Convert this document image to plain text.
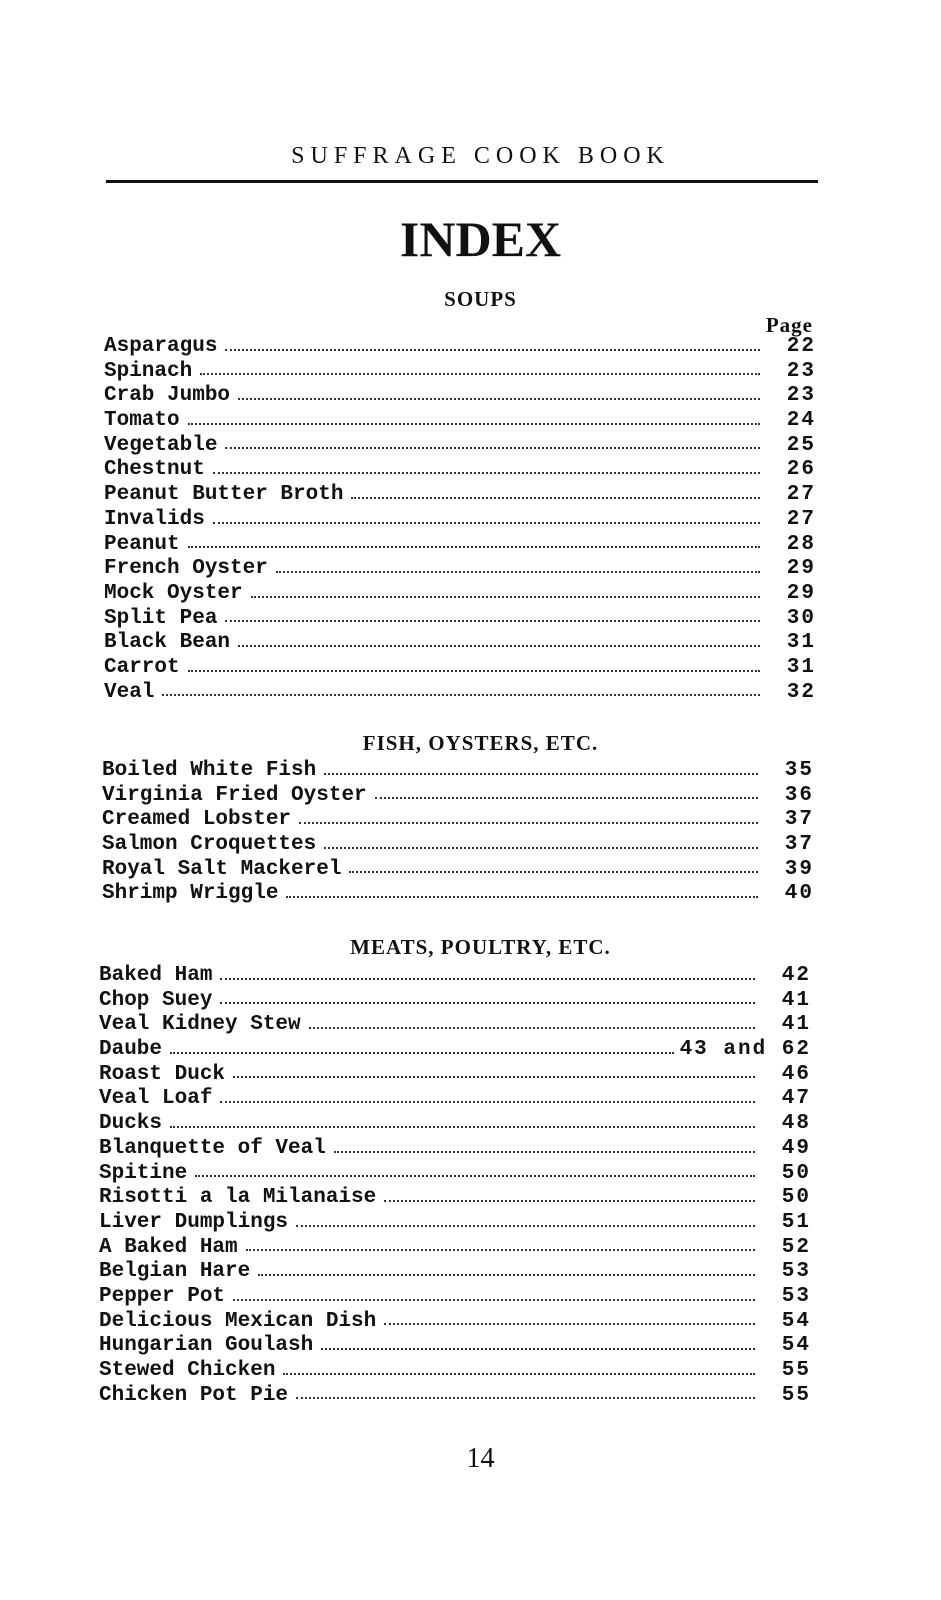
SUFFRAGE COOK BOOK
INDEX
SOUPS
Page
Asparagus	22
Spinach	23
Crab Jumbo	23
Tomato	24
Vegetable	25
Chestnut	26
Peanut Butter Broth	27
Invalids	27
Peanut	28
French Oyster	29
Mock Oyster	29
Split Pea	30
Black Bean	31
Carrot	31
Veal	32
FISH, OYSTERS, ETC.
Boiled White Fish	35
Virginia Fried Oyster	36
Creamed Lobster	37
Salmon Croquettes	37
Royal Salt Mackerel	39
Shrimp Wriggle	40
MEATS, POULTRY, ETC.
Baked Ham	42
Chop Suey	41
Veal Kidney Stew	41
Daube	43 and 62
Roast Duck	46
Veal Loaf	47
Ducks	48
Blanquette of Veal	49
Spitine	50
Risotti a la Milanaise	50
Liver Dumplings	51
A Baked Ham	52
Belgian Hare	53
Pepper Pot	53
Delicious Mexican Dish	54
Hungarian Goulash	54
Stewed Chicken	55
Chicken Pot Pie	55
14
